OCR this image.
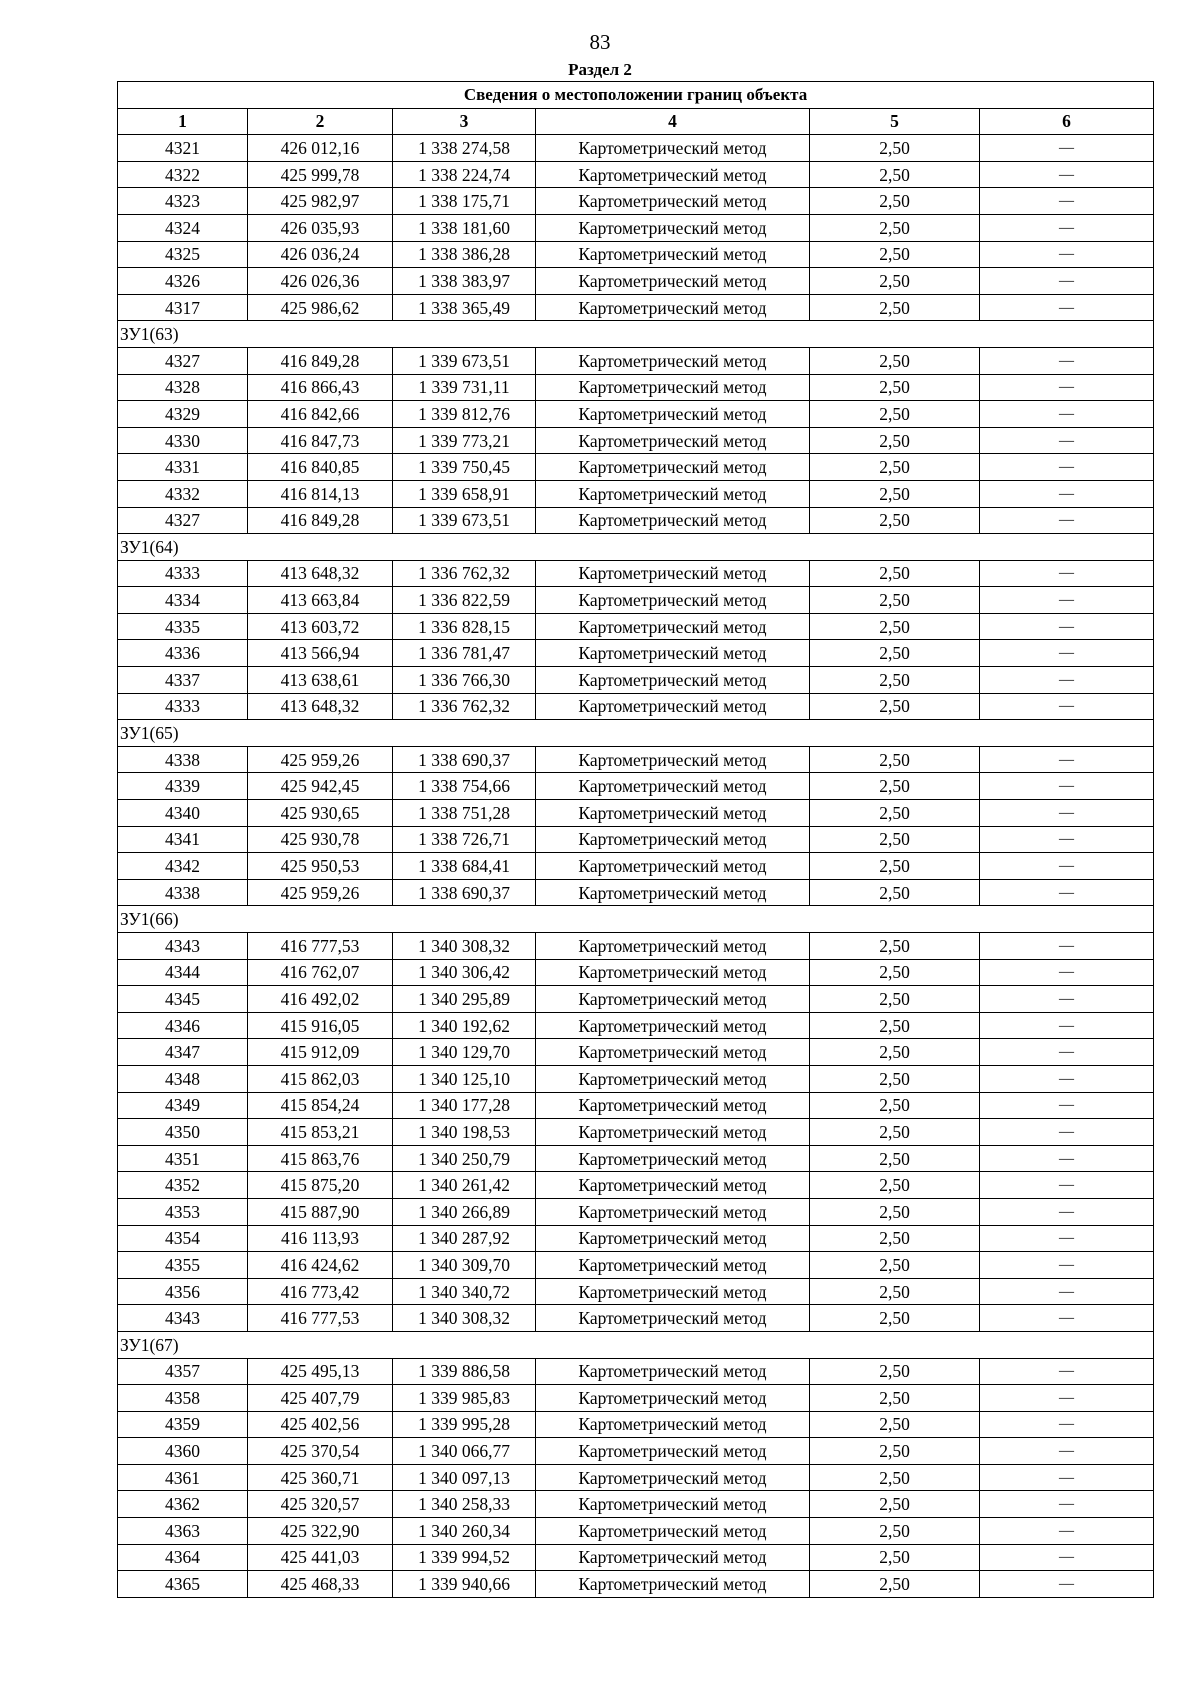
83
Раздел 2
Сведения о местоположении границ объекта					
1	2	3	4	5	6
4321	426 012,16	1 338 274,58	Картометрический метод	2,50	—
4322	425 999,78	1 338 224,74	Картометрический метод	2,50	—
4323	425 982,97	1 338 175,71	Картометрический метод	2,50	—
4324	426 035,93	1 338 181,60	Картометрический метод	2,50	—
4325	426 036,24	1 338 386,28	Картометрический метод	2,50	—
4326	426 026,36	1 338 383,97	Картометрический метод	2,50	—
4317	425 986,62	1 338 365,49	Картометрический метод	2,50	—
ЗУ1(63)					
4327	416 849,28	1 339 673,51	Картометрический метод	2,50	—
4328	416 866,43	1 339 731,11	Картометрический метод	2,50	—
4329	416 842,66	1 339 812,76	Картометрический метод	2,50	—
4330	416 847,73	1 339 773,21	Картометрический метод	2,50	—
4331	416 840,85	1 339 750,45	Картометрический метод	2,50	—
4332	416 814,13	1 339 658,91	Картометрический метод	2,50	—
4327	416 849,28	1 339 673,51	Картометрический метод	2,50	—
ЗУ1(64)					
4333	413 648,32	1 336 762,32	Картометрический метод	2,50	—
4334	413 663,84	1 336 822,59	Картометрический метод	2,50	—
4335	413 603,72	1 336 828,15	Картометрический метод	2,50	—
4336	413 566,94	1 336 781,47	Картометрический метод	2,50	—
4337	413 638,61	1 336 766,30	Картометрический метод	2,50	—
4333	413 648,32	1 336 762,32	Картометрический метод	2,50	—
ЗУ1(65)					
4338	425 959,26	1 338 690,37	Картометрический метод	2,50	—
4339	425 942,45	1 338 754,66	Картометрический метод	2,50	—
4340	425 930,65	1 338 751,28	Картометрический метод	2,50	—
4341	425 930,78	1 338 726,71	Картометрический метод	2,50	—
4342	425 950,53	1 338 684,41	Картометрический метод	2,50	—
4338	425 959,26	1 338 690,37	Картометрический метод	2,50	—
ЗУ1(66)					
4343	416 777,53	1 340 308,32	Картометрический метод	2,50	—
4344	416 762,07	1 340 306,42	Картометрический метод	2,50	—
4345	416 492,02	1 340 295,89	Картометрический метод	2,50	—
4346	415 916,05	1 340 192,62	Картометрический метод	2,50	—
4347	415 912,09	1 340 129,70	Картометрический метод	2,50	—
4348	415 862,03	1 340 125,10	Картометрический метод	2,50	—
4349	415 854,24	1 340 177,28	Картометрический метод	2,50	—
4350	415 853,21	1 340 198,53	Картометрический метод	2,50	—
4351	415 863,76	1 340 250,79	Картометрический метод	2,50	—
4352	415 875,20	1 340 261,42	Картометрический метод	2,50	—
4353	415 887,90	1 340 266,89	Картометрический метод	2,50	—
4354	416 113,93	1 340 287,92	Картометрический метод	2,50	—
4355	416 424,62	1 340 309,70	Картометрический метод	2,50	—
4356	416 773,42	1 340 340,72	Картометрический метод	2,50	—
4343	416 777,53	1 340 308,32	Картометрический метод	2,50	—
ЗУ1(67)					
4357	425 495,13	1 339 886,58	Картометрический метод	2,50	—
4358	425 407,79	1 339 985,83	Картометрический метод	2,50	—
4359	425 402,56	1 339 995,28	Картометрический метод	2,50	—
4360	425 370,54	1 340 066,77	Картометрический метод	2,50	—
4361	425 360,71	1 340 097,13	Картометрический метод	2,50	—
4362	425 320,57	1 340 258,33	Картометрический метод	2,50	—
4363	425 322,90	1 340 260,34	Картометрический метод	2,50	—
4364	425 441,03	1 339 994,52	Картометрический метод	2,50	—
4365	425 468,33	1 339 940,66	Картометрический метод	2,50	—
